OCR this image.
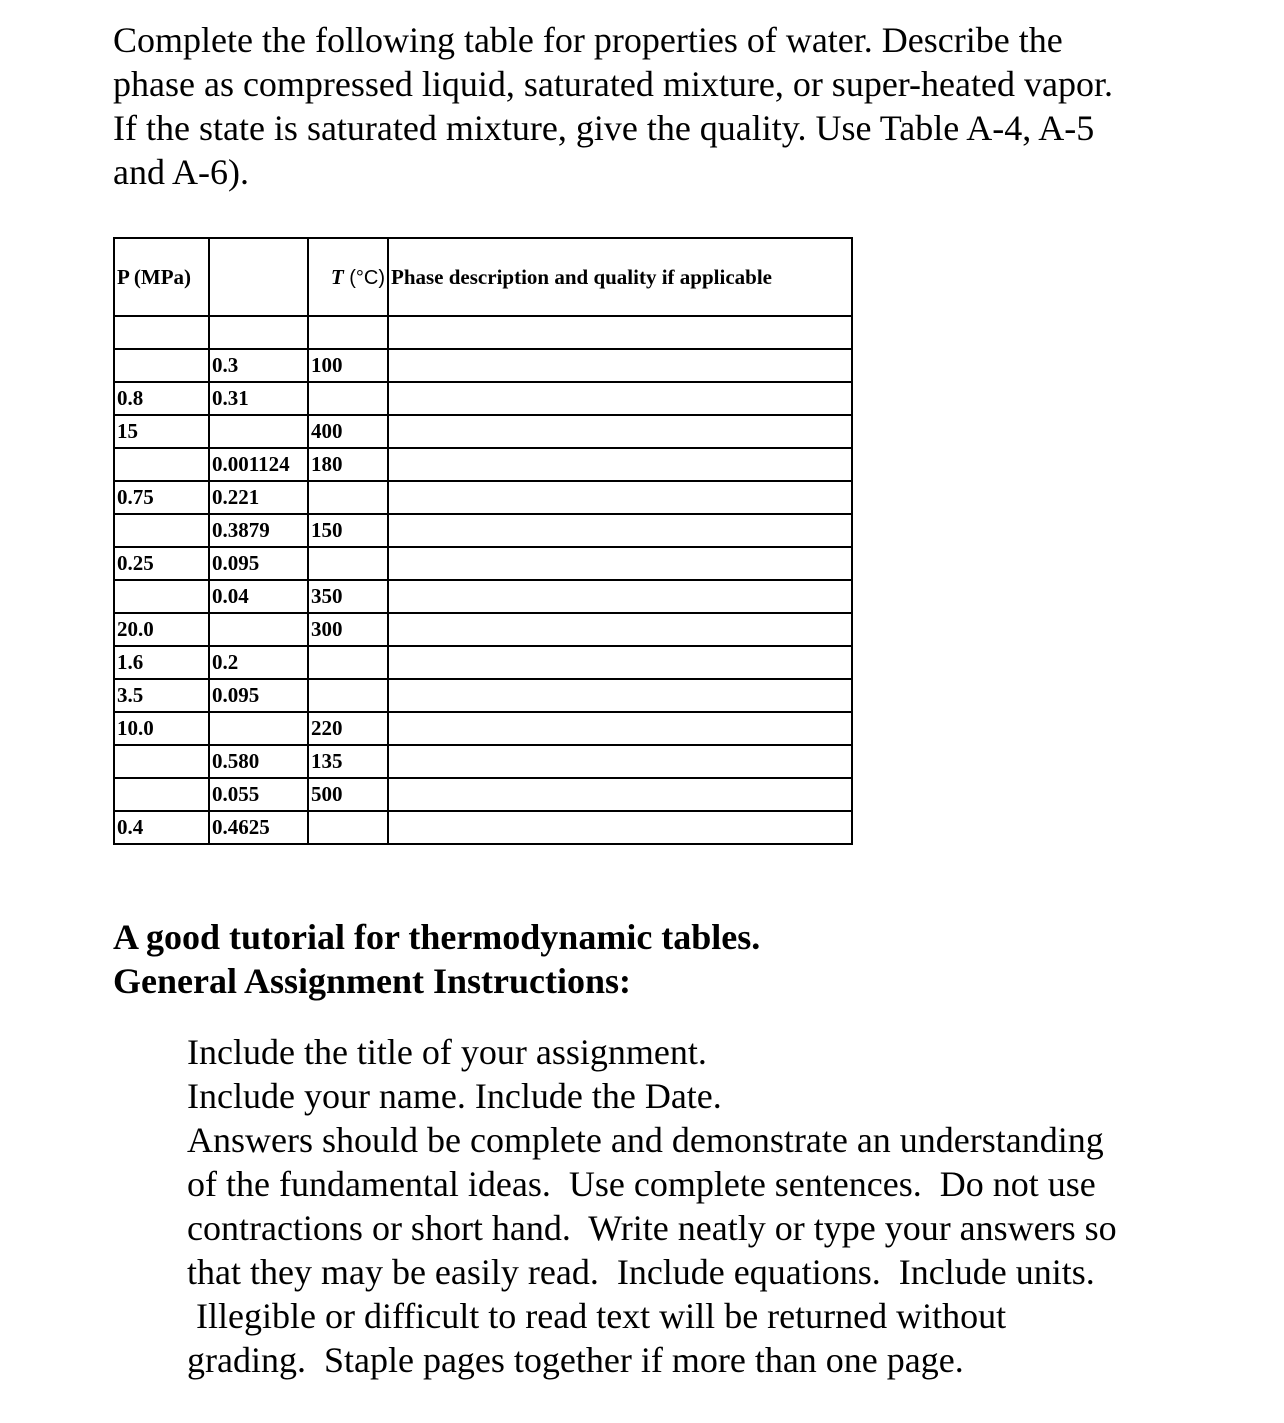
Complete the following table for properties of water. Describe the
phase as compressed liquid, saturated mixture, or super-heated vapor.
If the state is saturated mixture, give the quality. Use Table A-4, A-5
and A-6).
P (MPa)		T (°C)	Phase description and quality if applicable

	0.3	100	
0.8	0.31		
15		400	
	0.001124	180	
0.75	0.221		
	0.3879	150	
0.25	0.095		
	0.04	350	
20.0		300	
1.6	0.2		
3.5	0.095		
10.0		220	
	0.580	135	
	0.055	500	
0.4	0.4625		
A good tutorial for thermodynamic tables.
General Assignment Instructions:
Include the title of your assignment.
Include your name. Include the Date.
Answers should be complete and demonstrate an understanding
of the fundamental ideas.  Use complete sentences.  Do not use
contractions or short hand.  Write neatly or type your answers so
that they may be easily read.  Include equations.  Include units.
Illegible or difficult to read text will be returned without
grading.  Staple pages together if more than one page.
